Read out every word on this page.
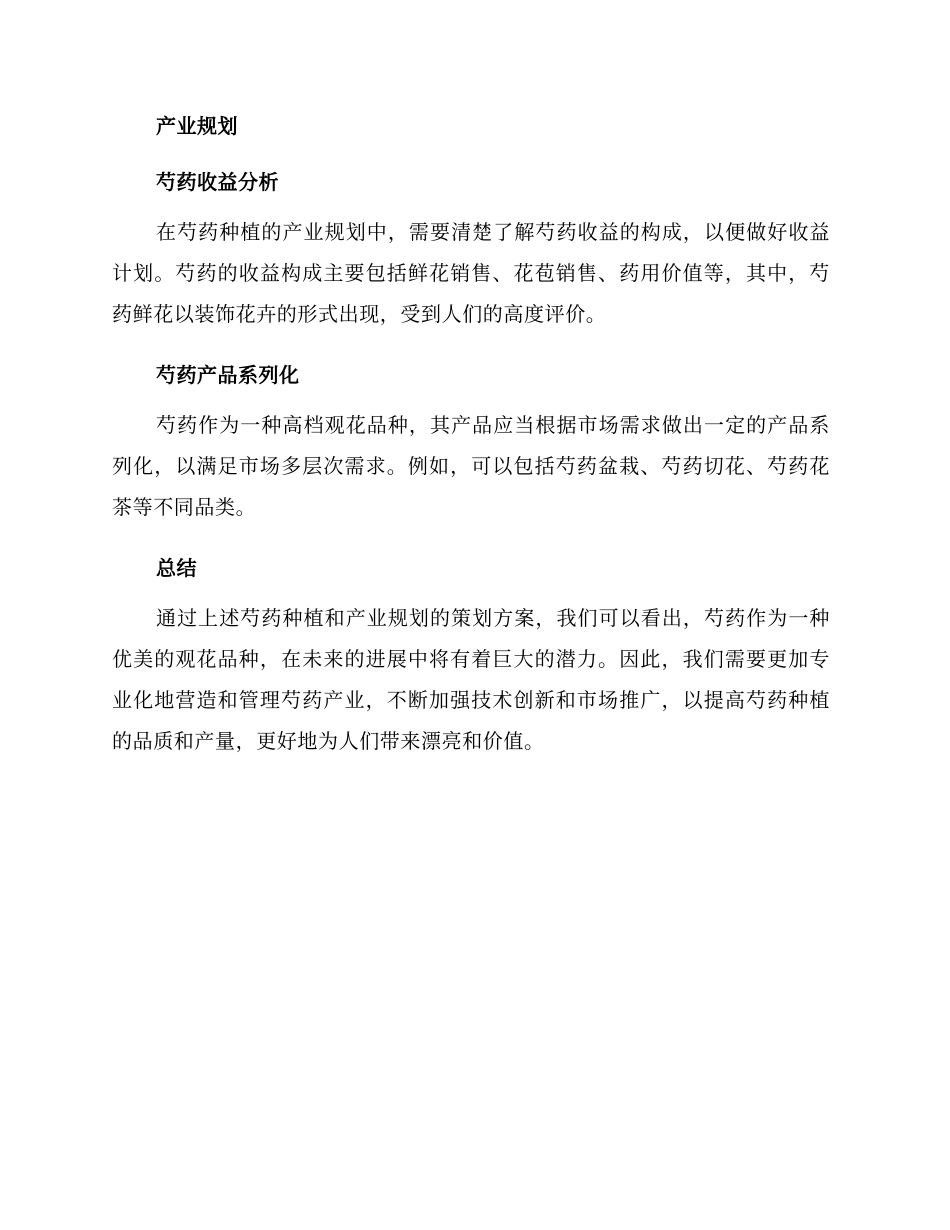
产业规划
芍药收益分析

在芍药种植的产业规划中，需要清楚了解芍药收益的构成，以便做好收益计划。芍药的收益构成主要包括鲜花销售、花苞销售、药用价值等，其中，芍药鲜花以装饰花卉的形式出现，受到人们的高度评价。

芍药产品系列化

芍药作为一种高档观花品种，其产品应当根据市场需求做出一定的产品系列化，以满足市场多层次需求。例如，可以包括芍药盆栽、芍药切花、芍药花茶等不同品类。

总结

通过上述芍药种植和产业规划的策划方案，我们可以看出，芍药作为一种优美的观花品种，在未来的进展中将有着巨大的潜力。因此，我们需要更加专业化地营造和管理芍药产业，不断加强技术创新和市场推广，以提高芍药种植的品质和产量，更好地为人们带来漂亮和价值。
